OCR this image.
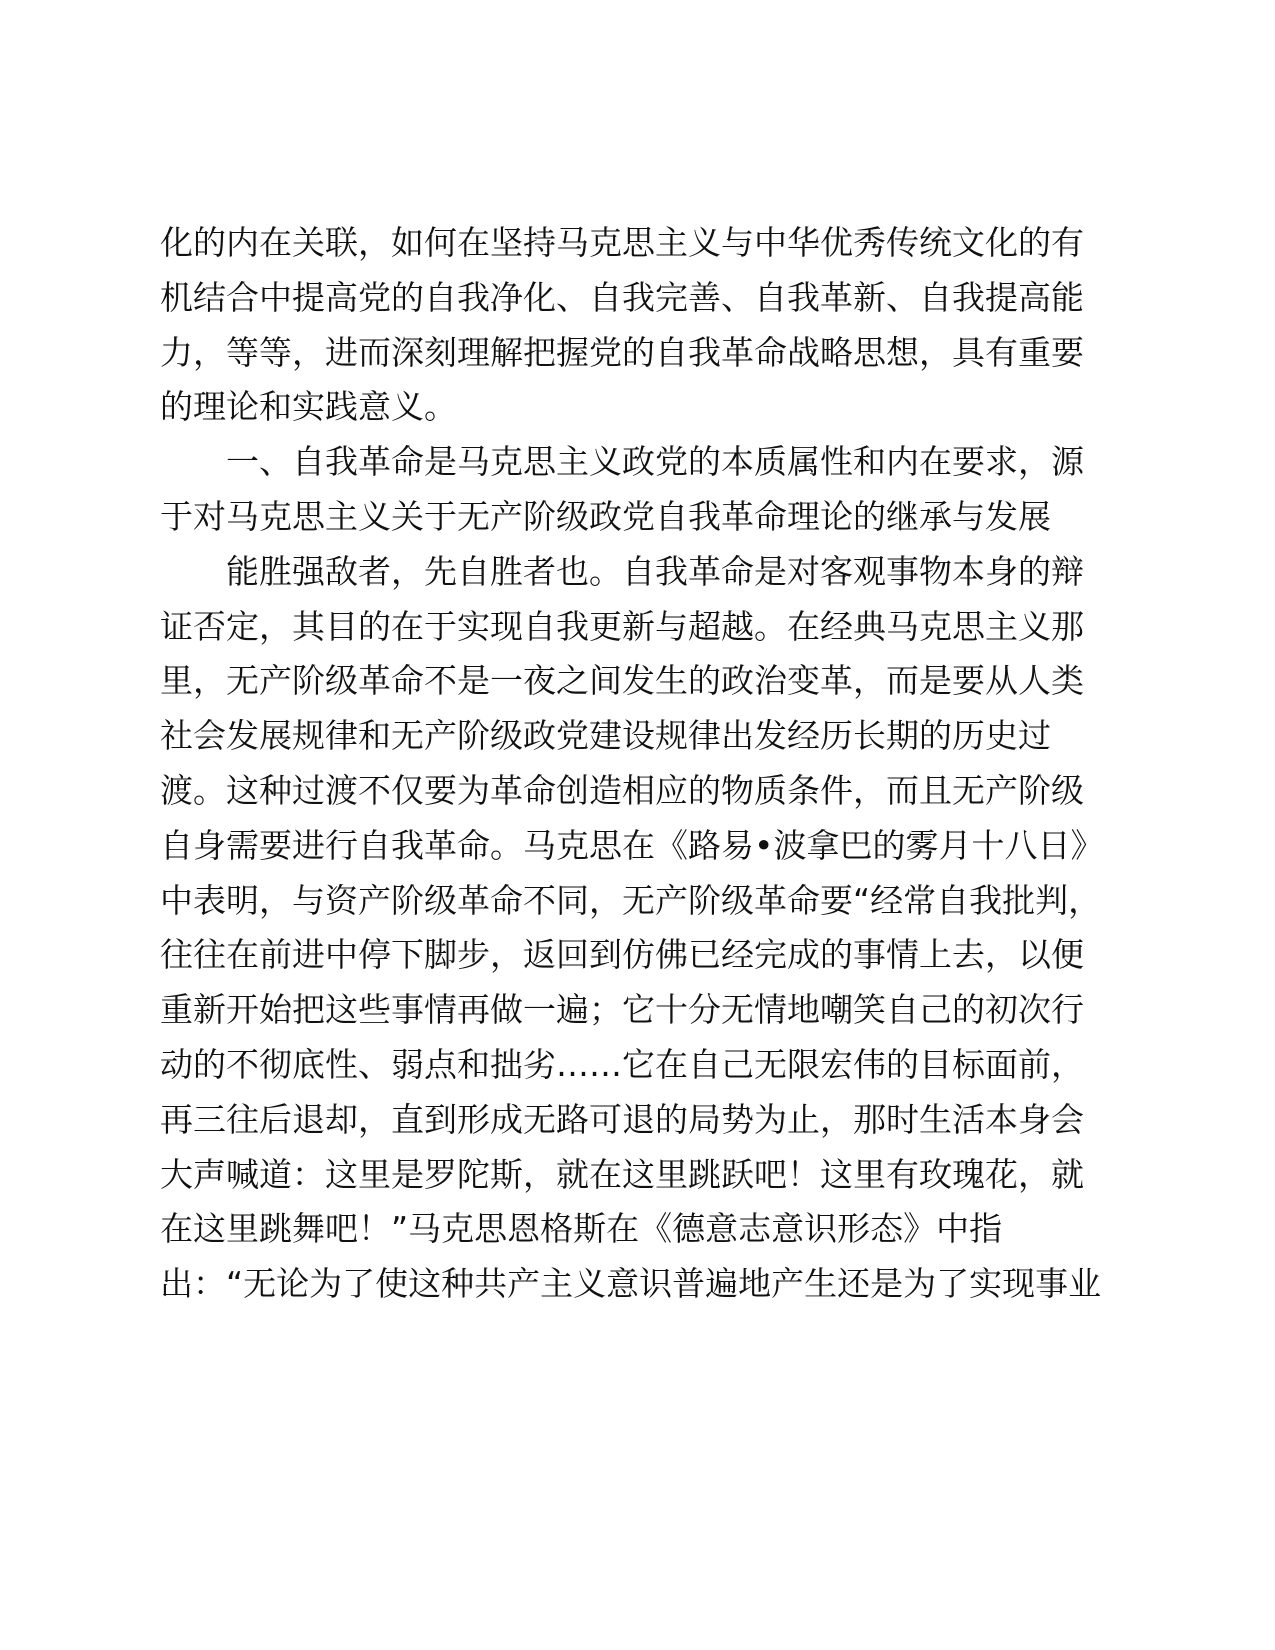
化的内在关联，如何在坚持马克思主义与中华优秀传统文化的有
机结合中提高党的自我净化、自我完善、自我革新、自我提高能
力，等等，进而深刻理解把握党的自我革命战略思想，具有重要
的理论和实践意义。
一、自我革命是马克思主义政党的本质属性和内在要求，源
于对马克思主义关于无产阶级政党自我革命理论的继承与发展
能胜强敌者，先自胜者也。自我革命是对客观事物本身的辩
证否定，其目的在于实现自我更新与超越。在经典马克思主义那
里，无产阶级革命不是一夜之间发生的政治变革，而是要从人类
社会发展规律和无产阶级政党建设规律出发经历长期的历史过
渡。这种过渡不仅要为革命创造相应的物质条件，而且无产阶级
自身需要进行自我革命。马克思在《路易•波拿巴的雾月十八日》
中表明，与资产阶级革命不同，无产阶级革命要“经常自我批判，
往往在前进中停下脚步，返回到仿佛已经完成的事情上去，以便
重新开始把这些事情再做一遍；它十分无情地嘲笑自己的初次行
动的不彻底性、弱点和拙劣……它在自己无限宏伟的目标面前，
再三往后退却，直到形成无路可退的局势为止，那时生活本身会
大声喊道：这里是罗陀斯，就在这里跳跃吧！这里有玫瑰花，就
在这里跳舞吧！”马克思恩格斯在《德意志意识形态》中指
出：“无论为了使这种共产主义意识普遍地产生还是为了实现事业
